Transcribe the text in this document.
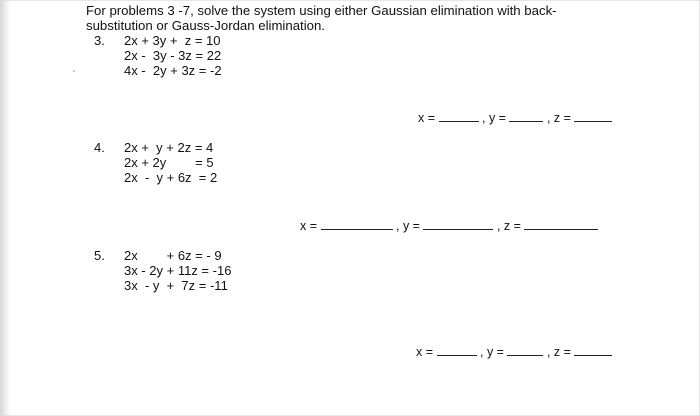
For problems 3 -7, solve the system using either Gaussian elimination with back-
substitution or Gauss-Jordan elimination.
3. 2x + 3y +  z = 10
2x -  3y - 3z = 22
4x -  2y + 3z = -2
x =	, y =	, z =
4. 2x +  y + 2z = 4
2x + 2y        = 5
2x  -  y + 6z  = 2
x =	, y =	, z =
5. 2x        + 6z = - 9
3x - 2y + 11z = -16
3x  - y  +  7z = -11
x =	, y =	, z =
